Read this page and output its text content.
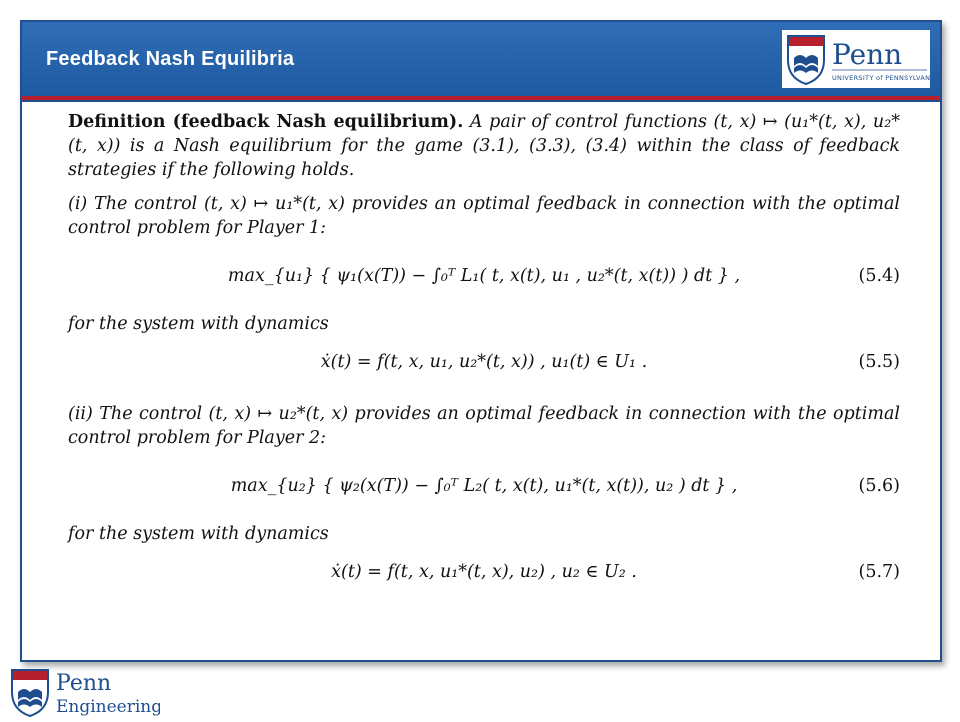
Feedback Nash Equilibria	Penn
UNIVERSITY of PENNSYLVANIA

Definition (feedback Nash equilibrium). A pair of control functions (t, x) ↦ (u₁*(t, x), u₂*(t, x)) is a Nash equilibrium for the game (3.1), (3.3), (3.4) within the class of feedback strategies if the following holds.

(i) The control (t, x) ↦ u₁*(t, x) provides an optimal feedback in connection with the optimal control problem for Player 1:

max_{u₁} { ψ₁(x(T)) − ∫₀ᵀ L₁( t, x(t), u₁ , u₂*(t, x(t)) ) dt } ,	(5.4)

for the system with dynamics

ẋ(t) = f(t, x, u₁, u₂*(t, x)) , u₁(t) ∈ U₁ .	(5.5)

(ii) The control (t, x) ↦ u₂*(t, x) provides an optimal feedback in connection with the optimal control problem for Player 2:

max_{u₂} { ψ₂(x(T)) − ∫₀ᵀ L₂( t, x(t), u₁*(t, x(t)), u₂ ) dt } ,	(5.6)

for the system with dynamics

ẋ(t) = f(t, x, u₁*(t, x), u₂) , u₂ ∈ U₂ .	(5.7)
Penn
Engineering
